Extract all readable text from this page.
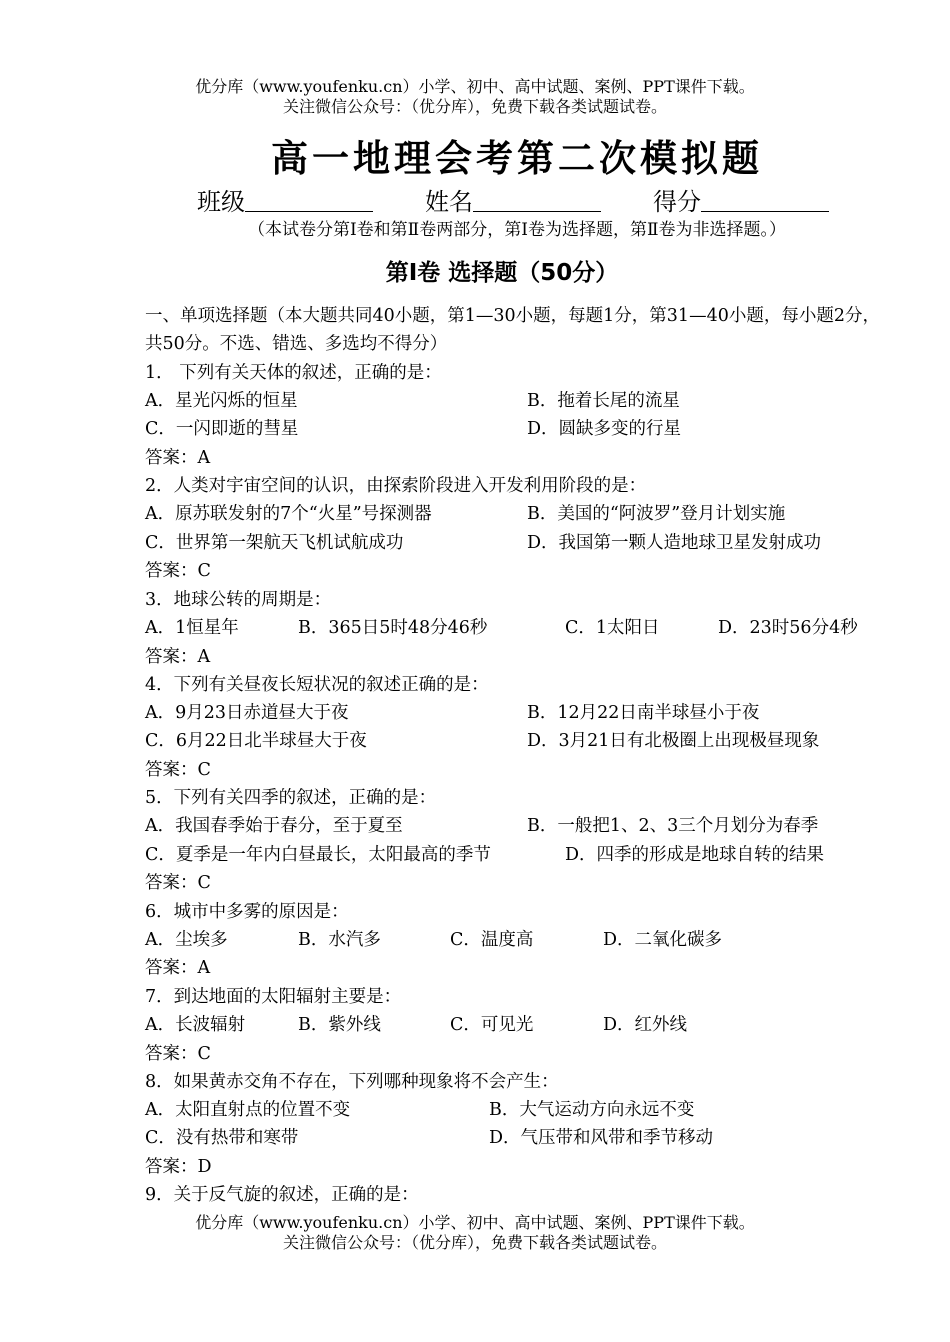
优分库（www.youfenku.cn）小学、初中、高中试题、案例、PPT课件下载。
关注微信公众号：（优分库），免费下载各类试题试卷。
高一地理会考第二次模拟题
班级	姓名	得分
（本试卷分第Ⅰ卷和第Ⅱ卷两部分，第Ⅰ卷为选择题，第Ⅱ卷为非选择题。）
第Ⅰ卷 选择题（50分）
一、单项选择题（本大题共同40小题，第1—30小题，每题1分，第31—40小题，每小题2分，共50分。不选、错选、多选均不得分）
1． 下列有关天体的叙述，正确的是：
A．星光闪烁的恒星	B．拖着长尾的流星
C．一闪即逝的彗星	D．圆缺多变的行星
答案：A
2．人类对宇宙空间的认识，由探索阶段进入开发利用阶段的是：
A．原苏联发射的7个“火星”号探测器	B．美国的“阿波罗”登月计划实施
C．世界第一架航天飞机试航成功	D．我国第一颗人造地球卫星发射成功
答案：C
3．地球公转的周期是：
A．1恒星年	B．365日5时48分46秒	C．1太阳日	D．23时56分4秒
答案：A
4．下列有关昼夜长短状况的叙述正确的是：
A．9月23日赤道昼大于夜	B．12月22日南半球昼小于夜
C．6月22日北半球昼大于夜	D．3月21日有北极圈上出现极昼现象
答案：C
5．下列有关四季的叙述，正确的是：
A．我国春季始于春分，至于夏至	B．一般把1、2、3三个月划分为春季
C．夏季是一年内白昼最长，太阳最高的季节	D．四季的形成是地球自转的结果
答案：C
6．城市中多雾的原因是：
A．尘埃多	B．水汽多	C．温度高	D．二氧化碳多
答案：A
7．到达地面的太阳辐射主要是：
A．长波辐射	B．紫外线	C．可见光	D．红外线
答案：C
8．如果黄赤交角不存在，下列哪种现象将不会产生：
A．太阳直射点的位置不变	B．大气运动方向永远不变
C．没有热带和寒带	D．气压带和风带和季节移动
答案：D
9．关于反气旋的叙述，正确的是：
优分库（www.youfenku.cn）小学、初中、高中试题、案例、PPT课件下载。
关注微信公众号：（优分库），免费下载各类试题试卷。
